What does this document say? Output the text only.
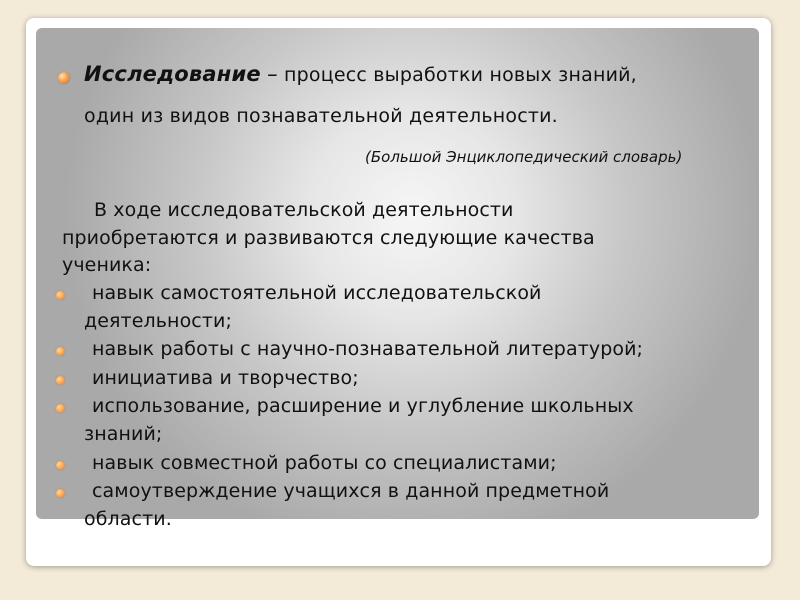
Исследование – процесс выработки новых знаний,
один из видов познавательной деятельности.
(Большой Энциклопедический словарь)
В ходе исследовательской деятельности
приобретаются и развиваются следующие качества
ученика:
навык самостоятельной исследовательской
деятельности;
навык работы с научно-познавательной литературой;
инициатива и творчество;
использование, расширение и углубление школьных
знаний;
навык совместной работы со специалистами;
самоутверждение учащихся в данной предметной
области.
